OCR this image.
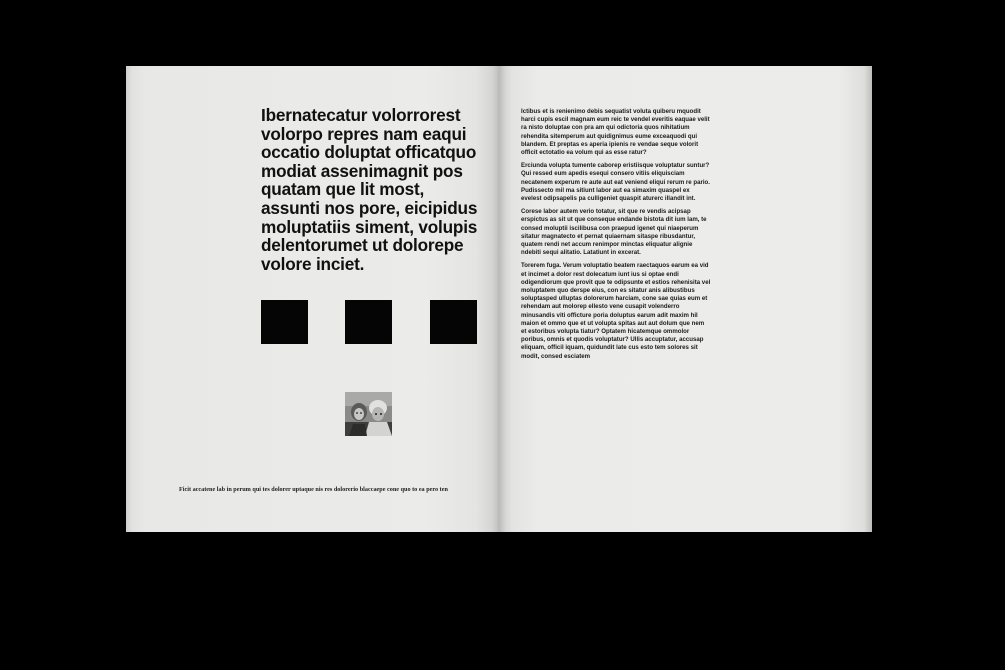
Ibernatecatur volorrorest volorpo repres nam eaqui occatio doluptat officatquo modiat assenimagnit pos quatam que lit most, assunti nos pore, eicipidus moluptatiis siment, volupis delentorumet ut dolorepe volore inciet.

Ficit accatene lab in perum qui tes dolorer uptaque nis res dolorerio blaccaepe cone quo to ea pero ten

Ictibus et is renienimo debis sequatist voluta quiberu mquodit harci cupis escil magnam eum reic te vendel everitis eaquae velit ra nisto doluptae con pra am qui odictoria quos nihitatium rehendita sitemperum aut quidignimus eume exceaquodi qui blandem. Et preptas es aperia ipienis re vendae seque volorit officit ectotatio ea volum qui as esse ratur?

Erciunda volupta tumente caborep eristiisque voluptatur suntur? Qui ressed eum apedis esequi consero vitiis eliquisciam necatenem experum re aute aut eat veniend eliqui rerum re pario. Pudissecto mil ma sitiunt labor aut ea simaxim quaspel ex evelest odipsapelis pa culligeniet quaspit aturerc illandit int.

Corese labor autem verio totatur, sit que re vendis acipsap erspictus as sit ut que conseque endande bistota dit ium lam, te consed moluptii iscilibusa con praepud igenet qui niaeperum sitatur magnatecto et pernat quiaernam sitaspe ribusdantur, quatem rendi net accum renimpor minctas eliquatur alignie ndebiti sequi alitatio. Latatiunt in excerat.

Torerem fuga. Verum voluptatio beatem raectaquos earum ea vid et incimet a dolor rest dolecatum iunt ius si optae endi odigendiorum que provit que te odipsunte et estios rehenisita vel moluptatem quo derspe eius, con es sitatur anis alibustibus soluptasped ulluptas dolorerum harciam, cone sae quias eum et rehendam aut molorep ellesto vene cusapit volenderro minusandis viti officture poria doluptus earum adit maxim hil maion et ommo que et ut volupta spitas aut aut dolum que nem et estoribus volupta tiatur? Optatem hicatemque ommolor poribus, omnis et quodis voluptatur? Ullis accuptatur, accusap eliquam, officil iquam, quidundit late cus esto tem solores sit modit, consed esciatem
